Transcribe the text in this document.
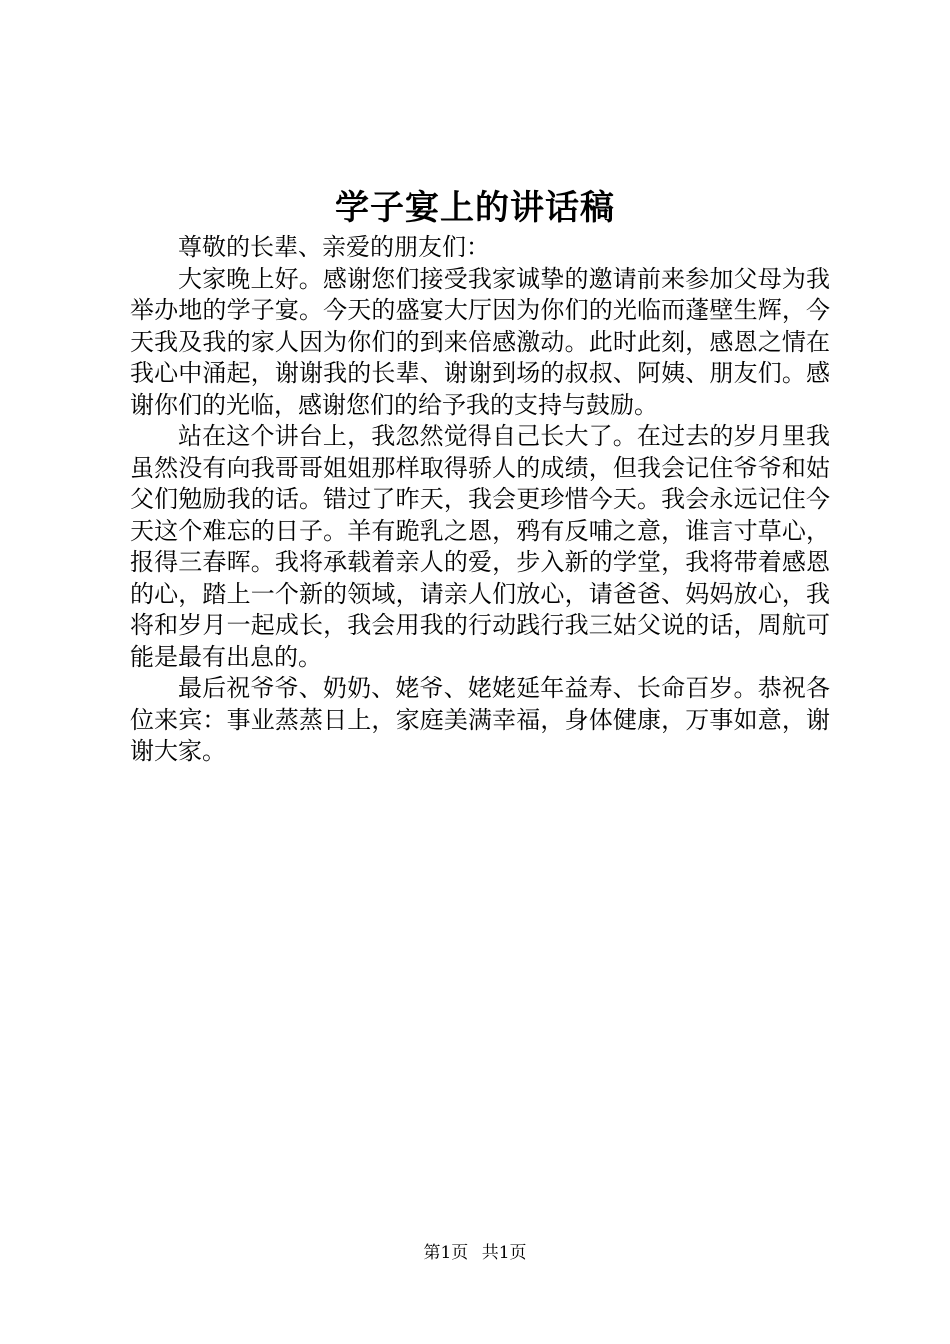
学子宴上的讲话稿

尊敬的长辈、亲爱的朋友们：

大家晚上好。感谢您们接受我家诚挚的邀请前来参加父母为我举办地的学子宴。今天的盛宴大厅因为你们的光临而蓬壁生辉，今天我及我的家人因为你们的到来倍感激动。此时此刻，感恩之情在我心中涌起，谢谢我的长辈、谢谢到场的叔叔、阿姨、朋友们。感谢你们的光临，感谢您们的给予我的支持与鼓励。

站在这个讲台上，我忽然觉得自己长大了。在过去的岁月里我虽然没有向我哥哥姐姐那样取得骄人的成绩，但我会记住爷爷和姑父们勉励我的话。错过了昨天，我会更珍惜今天。我会永远记住今天这个难忘的日子。羊有跪乳之恩，鸦有反哺之意，谁言寸草心，报得三春晖。我将承载着亲人的爱，步入新的学堂，我将带着感恩的心，踏上一个新的领域，请亲人们放心，请爸爸、妈妈放心，我将和岁月一起成长，我会用我的行动践行我三姑父说的话，周航可能是最有出息的。

最后祝爷爷、奶奶、姥爷、姥姥延年益寿、长命百岁。恭祝各位来宾：事业蒸蒸日上，家庭美满幸福，身体健康，万事如意，谢谢大家。

第1页 共1页
